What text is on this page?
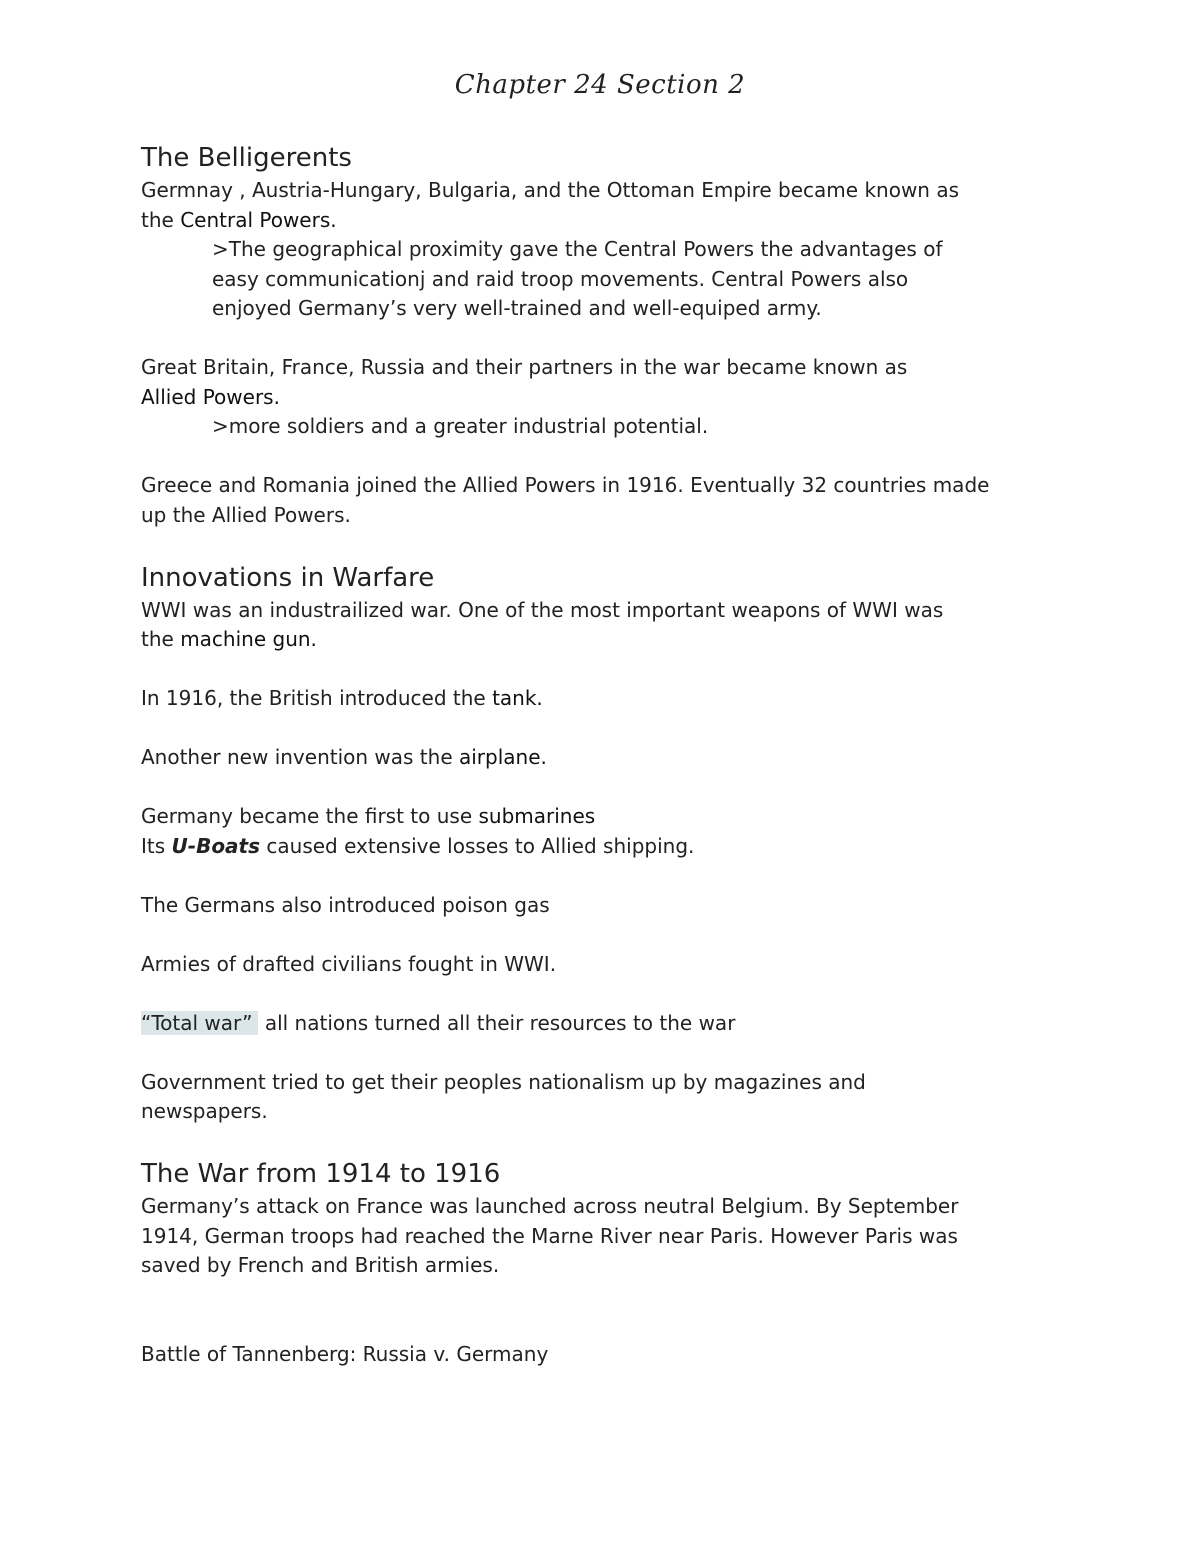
Chapter 24 Section 2
The Belligerents

Germnay , Austria-Hungary, Bulgaria, and the Ottoman Empire became known as

the Central Powers.

>The geographical proximity gave the Central Powers the advantages of

easy communicationj and raid troop movements. Central Powers also

enjoyed Germany’s very well-trained and well-equiped army.

Great Britain, France, Russia and their partners in the war became known as

Allied Powers.

>more soldiers and a greater industrial potential.

Greece and Romania joined the Allied Powers in 1916. Eventually 32 countries made

up the Allied Powers.

Innovations in Warfare

WWI was an industrailized war. One of the most important weapons of WWI was

the machine gun.

In 1916, the British introduced the tank.

Another new invention was the airplane.

Germany became the first to use submarines

Its U-Boats caused extensive losses to Allied shipping.

The Germans also introduced poison gas

Armies of drafted civilians fought in WWI.

“Total war” all nations turned all their resources to the war

Government tried to get their peoples nationalism up by magazines and

newspapers.

The War from 1914 to 1916

Germany’s attack on France was launched across neutral Belgium. By September

1914, German troops had reached the Marne River near Paris. However Paris was

saved by French and British armies.

Battle of Tannenberg: Russia v. Germany
